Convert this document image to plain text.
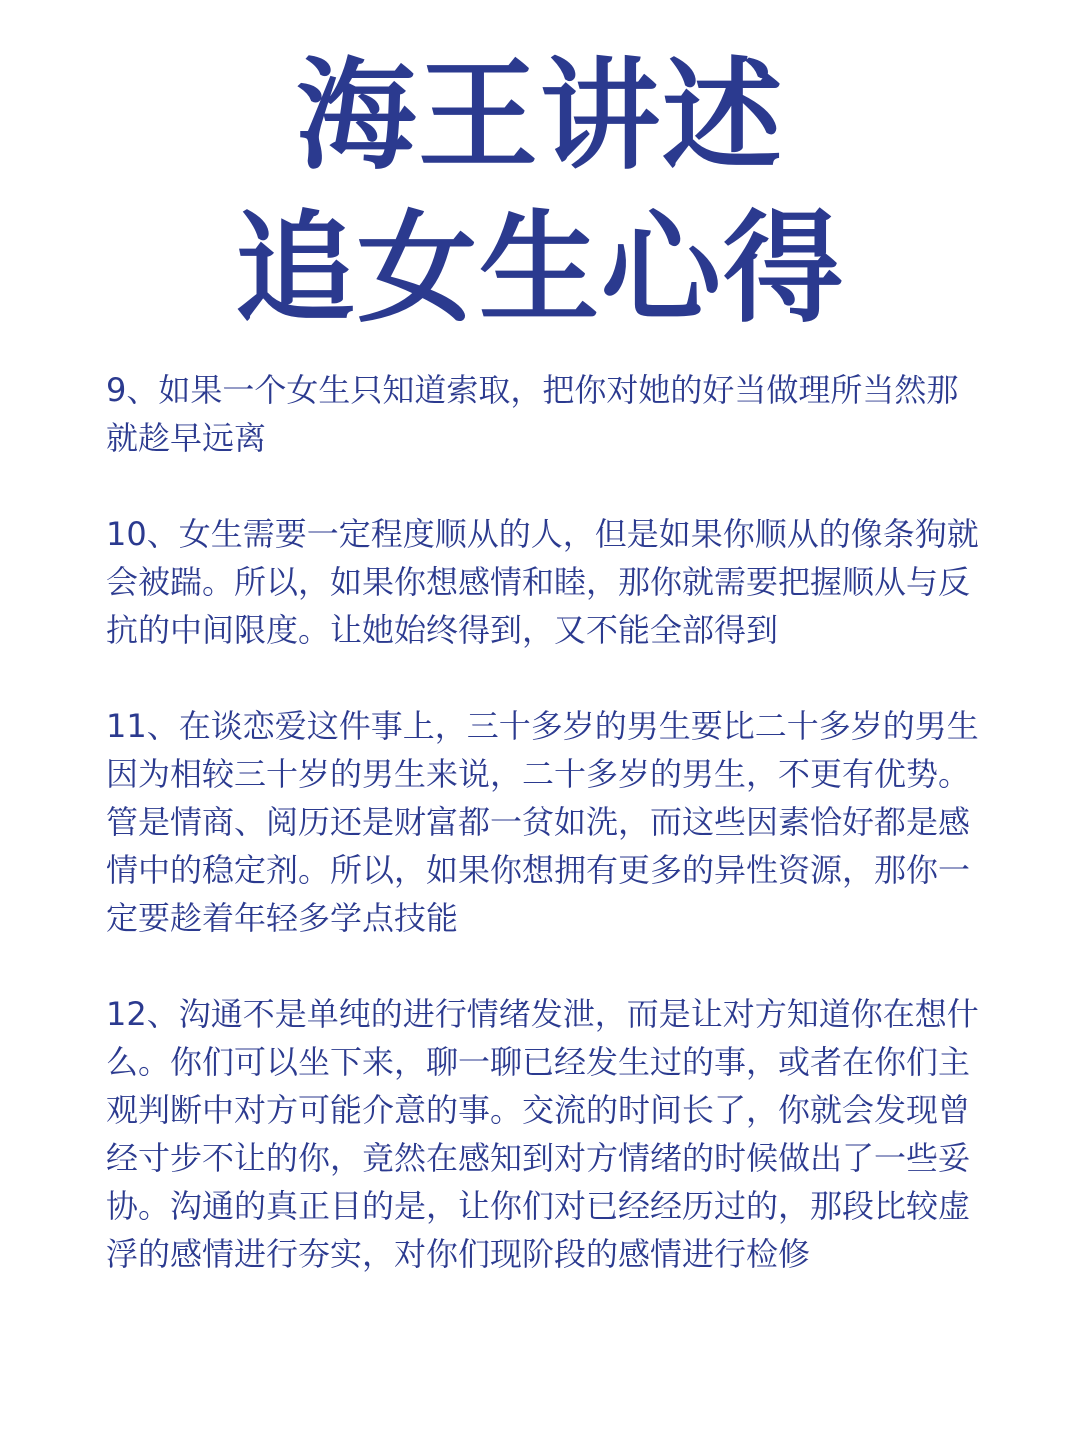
海王讲述
追女生心得

9、如果一个女生只知道索取，把你对她的好当做理所当然那就趁早远离

10、女生需要一定程度顺从的人，但是如果你顺从的像条狗就会被踹。所以，如果你想感情和睦，那你就需要把握顺从与反抗的中间限度。让她始终得到，又不能全部得到

11、在谈恋爱这件事上，三十多岁的男生要比二十多岁的男生因为相较三十岁的男生来说，二十多岁的男生，不更有优势。管是情商、阅历还是财富都一贫如洗，而这些因素恰好都是感情中的稳定剂。所以，如果你想拥有更多的异性资源，那你一定要趁着年轻多学点技能

12、沟通不是单纯的进行情绪发泄，而是让对方知道你在想什么。你们可以坐下来，聊一聊已经发生过的事，或者在你们主观判断中对方可能介意的事。交流的时间长了，你就会发现曾经寸步不让的你，竟然在感知到对方情绪的时候做出了一些妥协。沟通的真正目的是，让你们对已经经历过的，那段比较虚浮的感情进行夯实，对你们现阶段的感情进行检修
